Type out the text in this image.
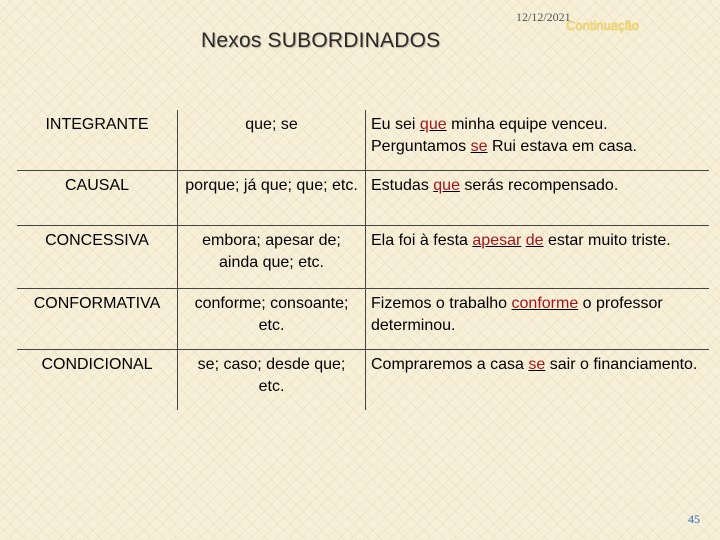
12/12/2021
Continuação
Nexos SUBORDINADOS
INTEGRANTE	que; se	Eu sei que minha equipe venceu.
Perguntamos se Rui estava em casa.

CAUSAL	porque; já que; que; etc.	Estudas que serás recompensado.

CONCESSIVA	embora; apesar de; ainda que; etc.	Ela foi à festa apesar de estar muito triste.

CONFORMATIVA	conforme; consoante; etc.	Fizemos o trabalho conforme o professor determinou.

CONDICIONAL	se; caso; desde que; etc.	Compraremos a casa se sair o financiamento.
45
